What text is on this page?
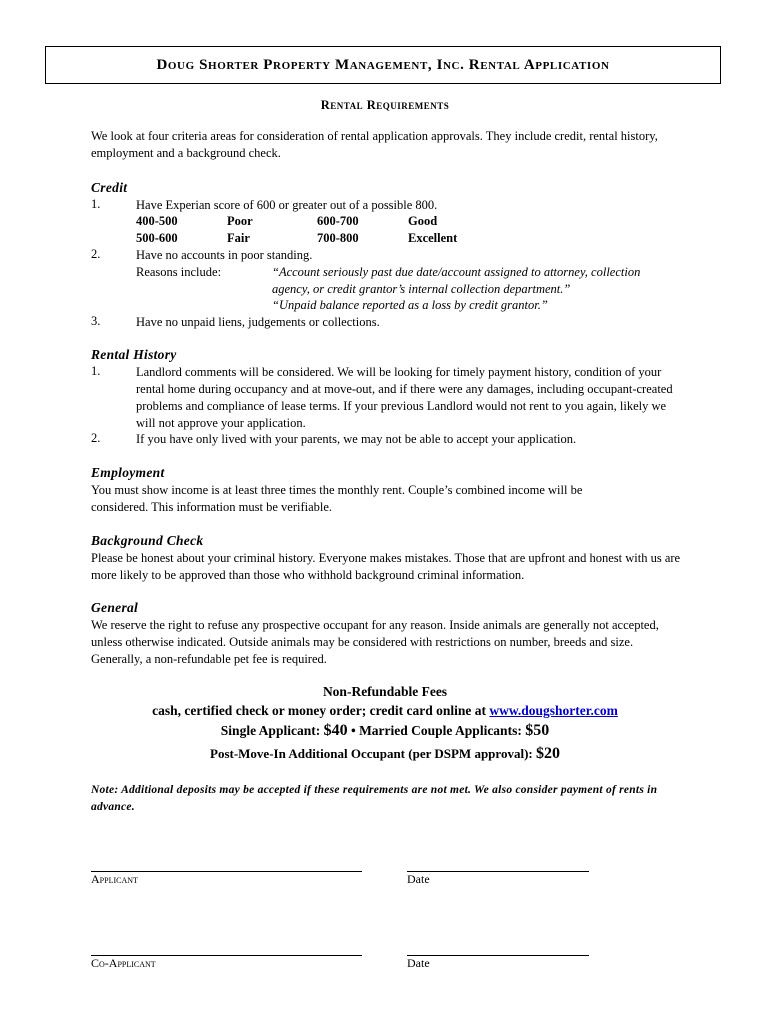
Doug Shorter Property Management, Inc. Rental Application
Rental Requirements
We look at four criteria areas for consideration of rental application approvals. They include credit, rental history, employment and a background check.
Credit
1.	Have Experian score of 600 or greater out of a possible 800.
400-500	Poor	600-700	Good
500-600	Fair	700-800	Excellent
2.	Have no accounts in poor standing.
Reasons include:	“Account seriously past due date/account assigned to attorney, collection
agency, or credit grantor’s internal collection department.”
“Unpaid balance reported as a loss by credit grantor.”
3.	Have no unpaid liens, judgements or collections.
Rental History
1.	Landlord comments will be considered. We will be looking for timely payment history, condition of your rental home during occupancy and at move-out, and if there were any damages, including occupant-created problems and compliance of lease terms. If your previous Landlord would not rent to you again, likely we will not approve your application.
2.	If you have only lived with your parents, we may not be able to accept your application.
Employment
You must show income is at least three times the monthly rent. Couple’s combined income will be considered. This information must be verifiable.
Background Check
Please be honest about your criminal history. Everyone makes mistakes. Those that are upfront and honest with us are more likely to be approved than those who withhold background criminal information.
General
We reserve the right to refuse any prospective occupant for any reason. Inside animals are generally not accepted, unless otherwise indicated. Outside animals may be considered with restrictions on number, breeds and size. Generally, a non-refundable pet fee is required.
Non-Refundable Fees
cash, certified check or money order; credit card online at www.dougshorter.com
Single Applicant: $40 • Married Couple Applicants: $50
Post-Move-In Additional Occupant (per DSPM approval): $20
Note: Additional deposits may be accepted if these requirements are not met. We also consider payment of rents in advance.
Applicant	Date
Co-Applicant	Date
